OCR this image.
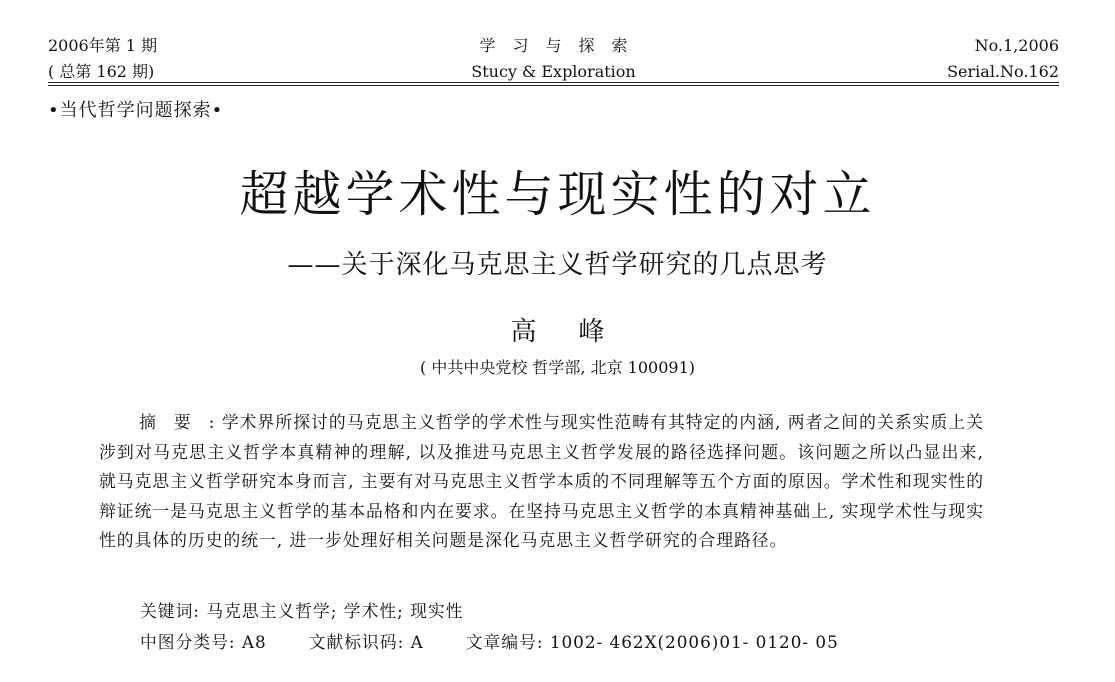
2006年第 1 期
( 总第 162 期)
学习与探索
Stucy & Exploration
No.1,2006
Serial.No.162
•当代哲学问题探索•
超越学术性与现实性的对立
——关于深化马克思主义哲学研究的几点思考
高峰
( 中共中央党校 哲学部, 北京 100091)

摘要: 学术界所探讨的马克思主义哲学的学术性与现实性范畴有其特定的内涵, 两者之间的关系实质上关涉到对马克思主义哲学本真精神的理解, 以及推进马克思主义哲学发展的路径选择问题。该问题之所以凸显出来, 就马克思主义哲学研究本身而言, 主要有对马克思主义哲学本质的不同理解等五个方面的原因。学术性和现实性的辩证统一是马克思主义哲学的基本品格和内在要求。在坚持马克思主义哲学的本真精神基础上, 实现学术性与现实性的具体的历史的统一, 进一步处理好相关问题是深化马克思主义哲学研究的合理路径。

关键词: 马克思主义哲学; 学术性; 现实性
中图分类号: A8	文献标识码: A	文章编号: 1002- 462X(2006)01- 0120- 05
